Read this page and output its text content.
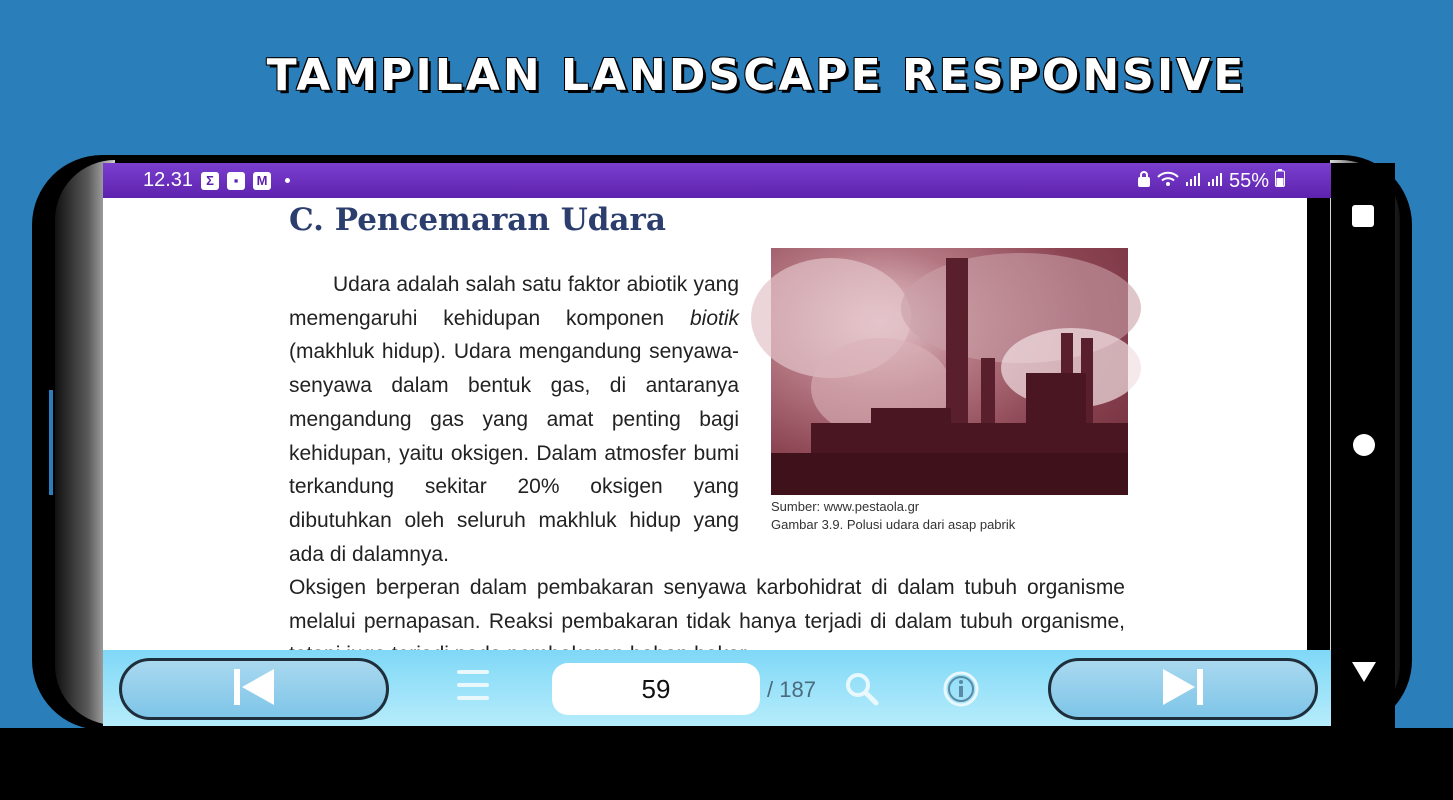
TAMPILAN LANDSCAPE RESPONSIVE
12.31	Σ	▪	M	55%
C. Pencemaran Udara

Udara adalah salah satu faktor abiotik yang memengaruhi kehidupan komponen biotik (makhluk hidup). Udara mengandung senyawa-senyawa dalam bentuk gas, di antaranya mengandung gas yang amat penting bagi kehidupan, yaitu oksigen. Dalam atmosfer bumi terkandung sekitar 20% oksigen yang dibutuhkan oleh seluruh makhluk hidup yang ada di dalamnya.

Sumber: www.pestaola.gr
Gambar 3.9. Polusi udara dari asap pabrik

Oksigen berperan dalam pembakaran senyawa karbohidrat di dalam tubuh organisme melalui pernapasan. Reaksi pembakaran tidak hanya terjadi di dalam tubuh organisme,

59
/ 187
